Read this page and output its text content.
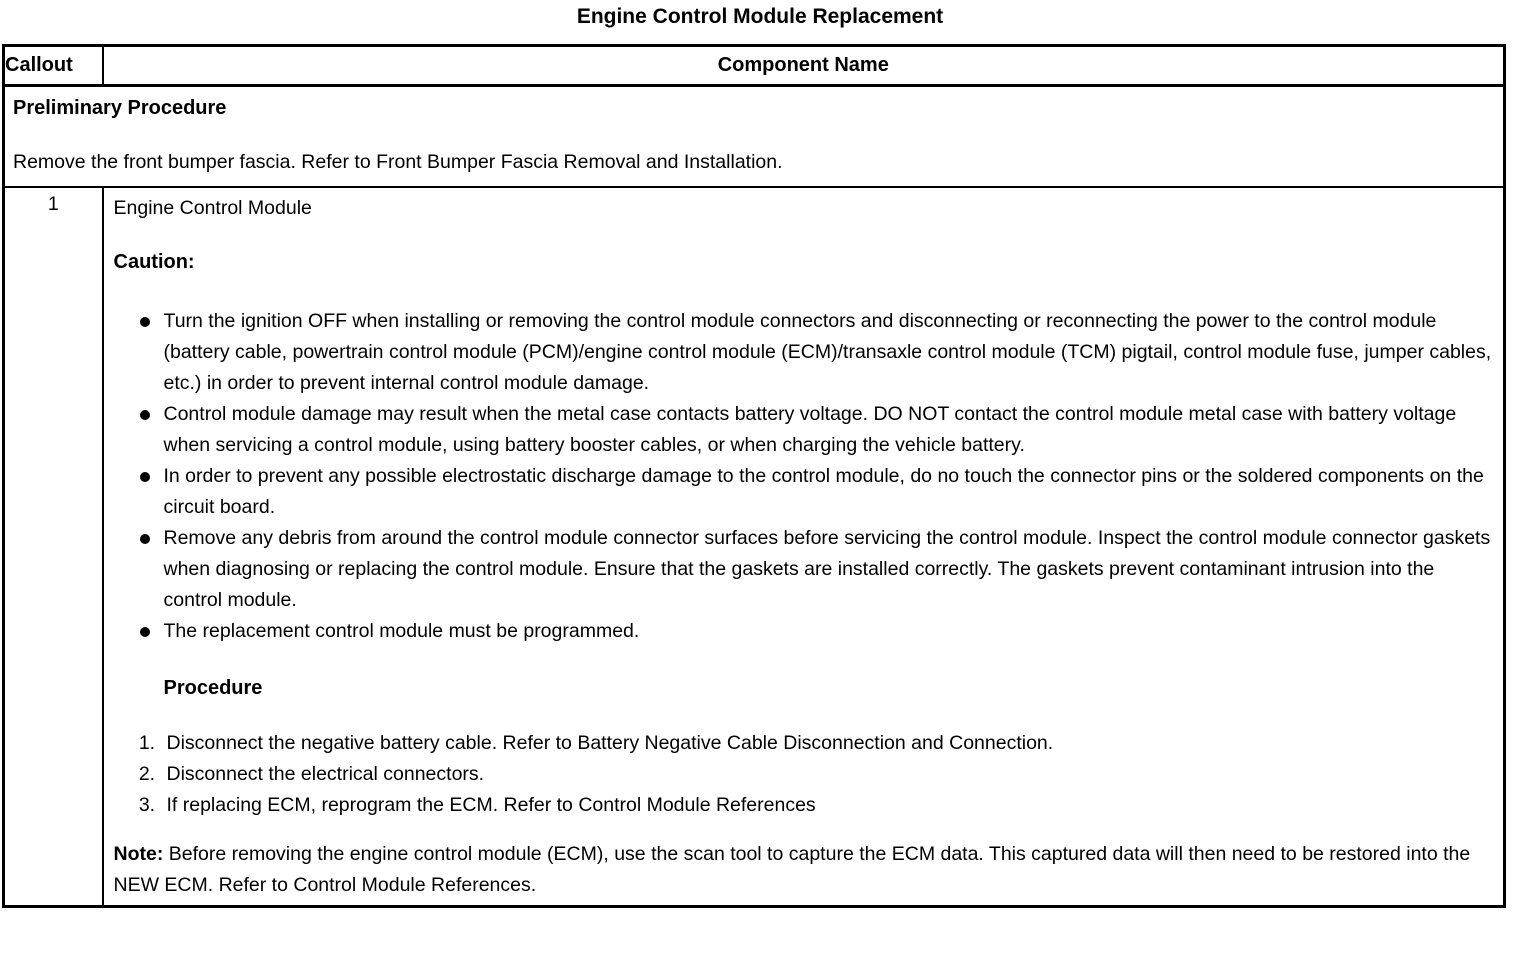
Engine Control Module Replacement
Callout	Component Name

Preliminary Procedure
Remove the front bumper fascia. Refer to Front Bumper Fascia Removal and Installation.	

1	Engine Control Module
Caution:
Turn the ignition OFF when installing or removing the control module connectors and disconnecting or reconnecting the power to the control module (battery cable, powertrain control module (PCM)/engine control module (ECM)/transaxle control module (TCM) pigtail, control module fuse, jumper cables, etc.) in order to prevent internal control module damage.
Control module damage may result when the metal case contacts battery voltage. DO NOT contact the control module metal case with battery voltage when servicing a control module, using battery booster cables, or when charging the vehicle battery.
In order to prevent any possible electrostatic discharge damage to the control module, do no touch the connector pins or the soldered components on the circuit board.
Remove any debris from around the control module connector surfaces before servicing the control module. Inspect the control module connector gaskets when diagnosing or replacing the control module. Ensure that the gaskets are installed correctly. The gaskets prevent contaminant intrusion into the control module.
The replacement control module must be programmed.
Procedure
1. Disconnect the negative battery cable. Refer to Battery Negative Cable Disconnection and Connection.
2. Disconnect the electrical connectors.
3. If replacing ECM, reprogram the ECM. Refer to Control Module References
Note: Before removing the engine control module (ECM), use the scan tool to capture the ECM data. This captured data will then need to be restored into the NEW ECM. Refer to Control Module References.
